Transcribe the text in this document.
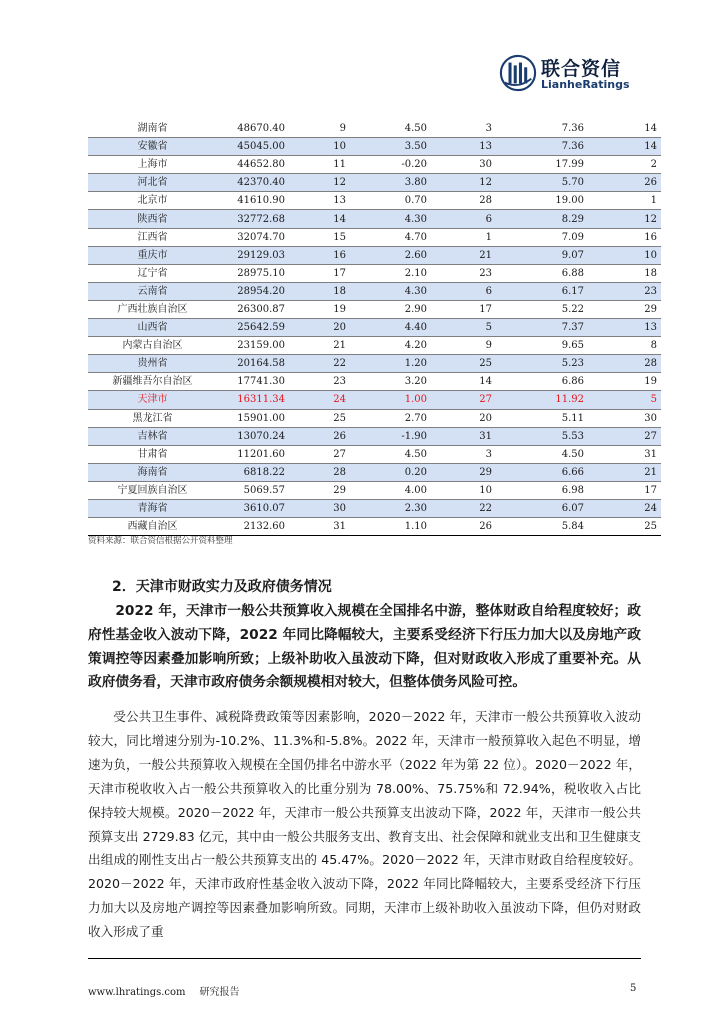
联合资信
LianheRatings
湖南省	48670.40	9	4.50	3	7.36	14
安徽省	45045.00	10	3.50	13	7.36	14
上海市	44652.80	11	-0.20	30	17.99	2
河北省	42370.40	12	3.80	12	5.70	26
北京市	41610.90	13	0.70	28	19.00	1
陕西省	32772.68	14	4.30	6	8.29	12
江西省	32074.70	15	4.70	1	7.09	16
重庆市	29129.03	16	2.60	21	9.07	10
辽宁省	28975.10	17	2.10	23	6.88	18
云南省	28954.20	18	4.30	6	6.17	23
广西壮族自治区	26300.87	19	2.90	17	5.22	29
山西省	25642.59	20	4.40	5	7.37	13
内蒙古自治区	23159.00	21	4.20	9	9.65	8
贵州省	20164.58	22	1.20	25	5.23	28
新疆维吾尔自治区	17741.30	23	3.20	14	6.86	19
天津市	16311.34	24	1.00	27	11.92	5
黑龙江省	15901.00	25	2.70	20	5.11	30
吉林省	13070.24	26	-1.90	31	5.53	27
甘肃省	11201.60	27	4.50	3	4.50	31
海南省	6818.22	28	0.20	29	6.66	21
宁夏回族自治区	5069.57	29	4.00	10	6.98	17
青海省	3610.07	30	2.30	22	6.07	24
西藏自治区	2132.60	31	1.10	26	5.84	25
资料来源：联合资信根据公开资料整理
2．天津市财政实力及政府债务情况

2022 年，天津市一般公共预算收入规模在全国排名中游，整体财政自给程度较好；政府性基金收入波动下降，2022 年同比降幅较大，主要系受经济下行压力加大以及房地产政策调控等因素叠加影响所致；上级补助收入虽波动下降，但对财政收入形成了重要补充。从政府债务看，天津市政府债务余额规模相对较大，但整体债务风险可控。

受公共卫生事件、减税降费政策等因素影响，2020－2022 年，天津市一般公共预算收入波动较大，同比增速分别为-10.2%、11.3%和-5.8%。2022 年，天津市一般预算收入起色不明显，增速为负，一般公共预算收入规模在全国仍排名中游水平（2022 年为第 22 位）。2020－2022 年，天津市税收收入占一般公共预算收入的比重分别为 78.00%、75.75%和 72.94%，税收收入占比保持较大规模。2020－2022 年，天津市一般公共预算支出波动下降，2022 年，天津市一般公共预算支出 2729.83 亿元，其中由一般公共服务支出、教育支出、社会保障和就业支出和卫生健康支出组成的刚性支出占一般公共预算支出的 45.47%。2020－2022 年，天津市财政自给程度较好。2020－2022 年，天津市政府性基金收入波动下降，2022 年同比降幅较大，主要系受经济下行压力加大以及房地产调控等因素叠加影响所致。同期，天津市上级补助收入虽波动下降，但仍对财政收入形成了重

www.lhratings.com 研究报告	5
